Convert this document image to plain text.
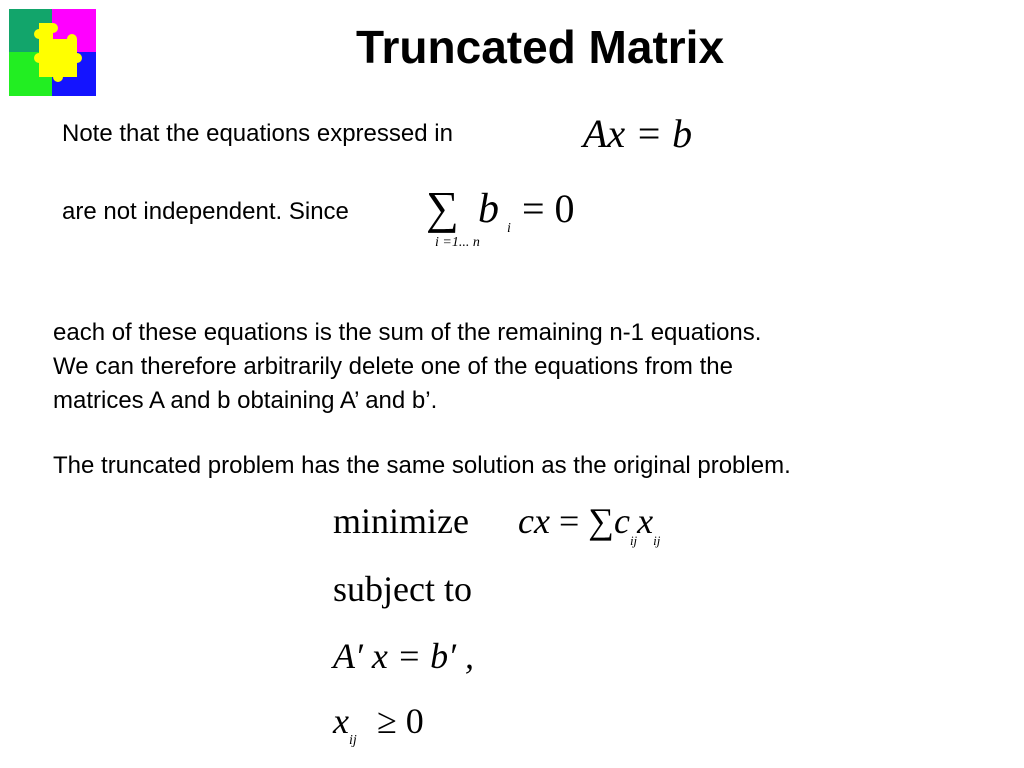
Truncated Matrix
Note that the equations expressed in	Ax = b
are not independent. Since ∑ b i = 0
i =1... n
each of these equations is the sum of the remaining n-1 equations.
We can therefore arbitrarily delete one of the equations from the
matrices A and b obtaining A’ and b’.
The truncated problem has the same solution as the original problem.
minimize cx = $\sum c_{ij}x_{ij}$
subject to
A′ x = b′ ,
x ij ≥ 0
